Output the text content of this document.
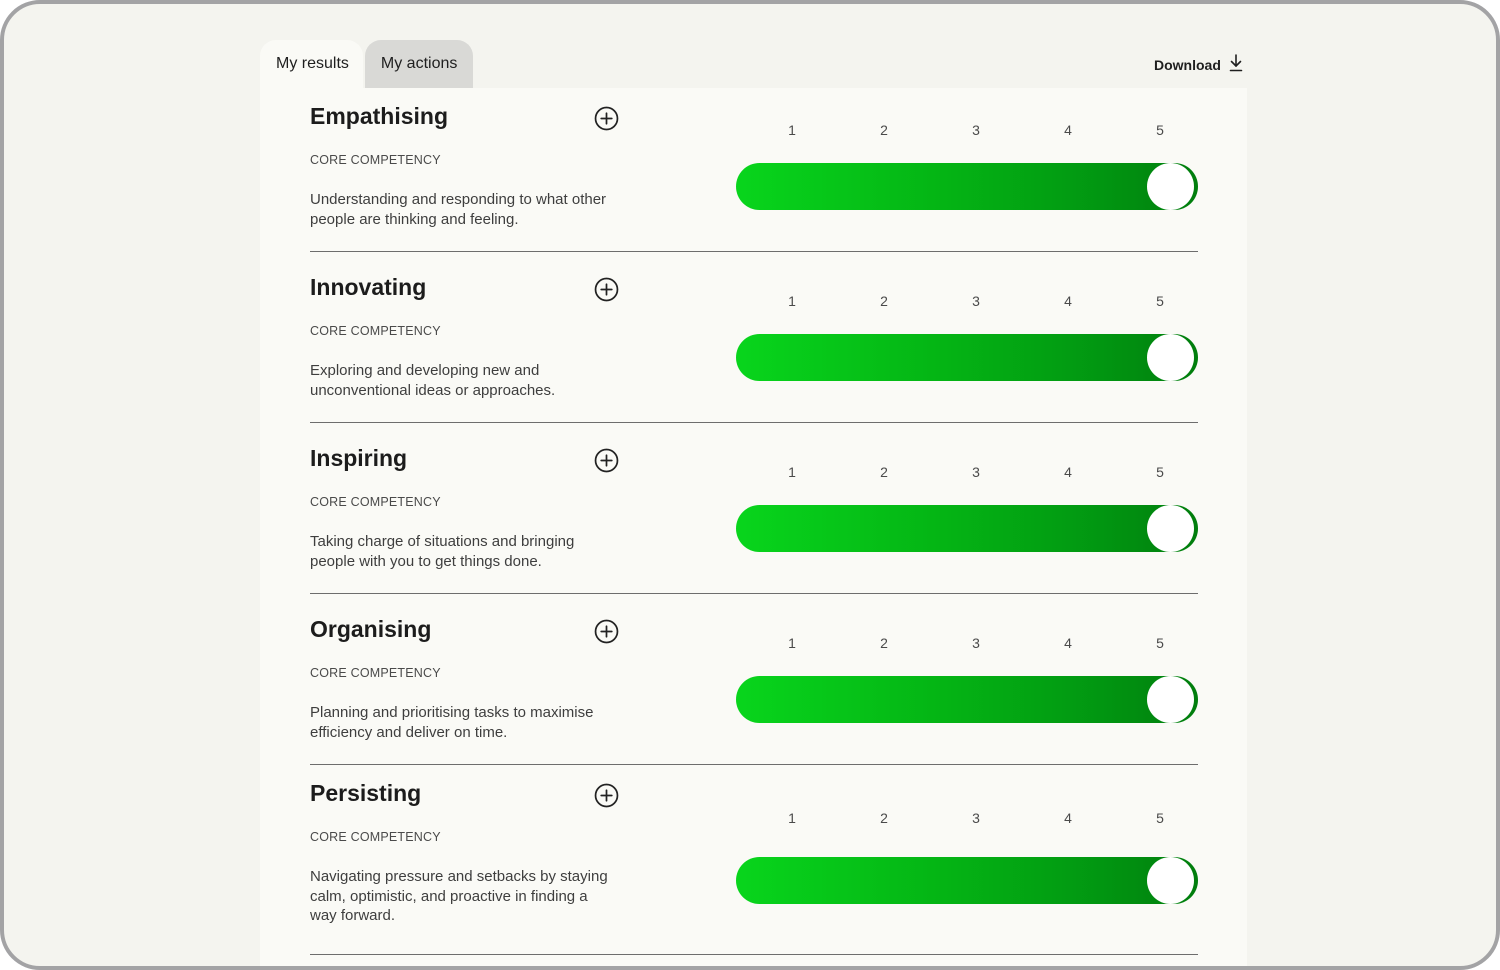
My results My actions	Download
Empathising
CORE COMPETENCY
Understanding and responding to what other people are thinking and feeling.
1	2	3	4	5
Innovating
CORE COMPETENCY
Exploring and developing new and unconventional ideas or approaches.
1	2	3	4	5
Inspiring
CORE COMPETENCY
Taking charge of situations and bringing people with you to get things done.
1	2	3	4	5
Organising
CORE COMPETENCY
Planning and prioritising tasks to maximise efficiency and deliver on time.
1	2	3	4	5
Persisting
CORE COMPETENCY
Navigating pressure and setbacks by staying calm, optimistic, and proactive in finding a way forward.
1	2	3	4	5
